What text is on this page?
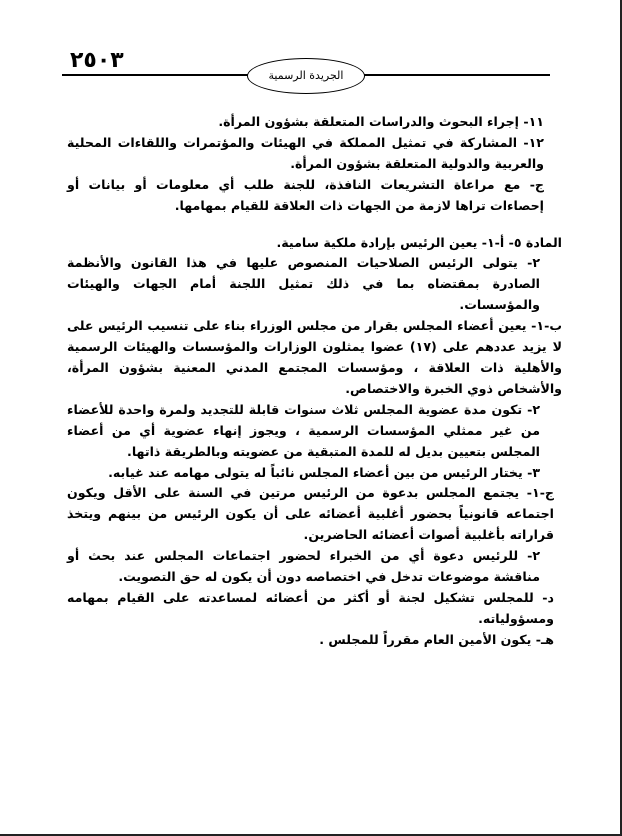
٢٥٠٣
الجريدة الرسمية

١١- إجراء البحوث والدراسات المتعلقة بشؤون المرأة.

١٢- المشاركة في تمثيل المملكة في الهيئات والمؤتمرات واللقاءات المحلية والعربية والدولية المتعلقة بشؤون المرأة.

ج- مع مراعاة التشريعات النافذة، للجنة طلب أي معلومات أو بيانات أو إحصاءات تراها لازمة من الجهات ذات العلاقة للقيام بمهامها.

المادة ٥- أ-١- يعين الرئيس بإرادة ملكية سامية.

٢- يتولى الرئيس الصلاحيات المنصوص عليها في هذا القانون والأنظمة الصادرة بمقتضاه بما في ذلك تمثيل اللجنة أمام الجهات والهيئات والمؤسسات.

ب-١- يعين أعضاء المجلس بقرار من مجلس الوزراء بناء على تنسيب الرئيس على لا يزيد عددهم على (١٧) عضوا يمثلون الوزارات والمؤسسات والهيئات الرسمية والأهلية ذات العلاقة ، ومؤسسات المجتمع المدني المعنية بشؤون المرأة، والأشخاص ذوي الخبرة والاختصاص.

٢- تكون مدة عضوية المجلس ثلاث سنوات قابلة للتجديد ولمرة واحدة للأعضاء من غير ممثلي المؤسسات الرسمية ، ويجوز إنهاء عضوية أي من أعضاء المجلس بتعيين بديل له للمدة المتبقية من عضويته وبالطريقة ذاتها.

٣- يختار الرئيس من بين أعضاء المجلس نائباً له يتولى مهامه عند غيابه.

ج-١- يجتمع المجلس بدعوة من الرئيس مرتين في السنة على الأقل ويكون اجتماعه قانونياً بحضور أغلبية أعضائه على أن يكون الرئيس من بينهم ويتخذ قراراته بأغلبية أصوات أعضائه الحاضرين.

٢- للرئيس دعوة أي من الخبراء لحضور اجتماعات المجلس عند بحث أو مناقشة موضوعات تدخل في اختصاصه دون أن يكون له حق التصويت.

د- للمجلس تشكيل لجنة أو أكثر من أعضائه لمساعدته على القيام بمهامه ومسؤولياته.

هـ- يكون الأمين العام مقرراً للمجلس .
